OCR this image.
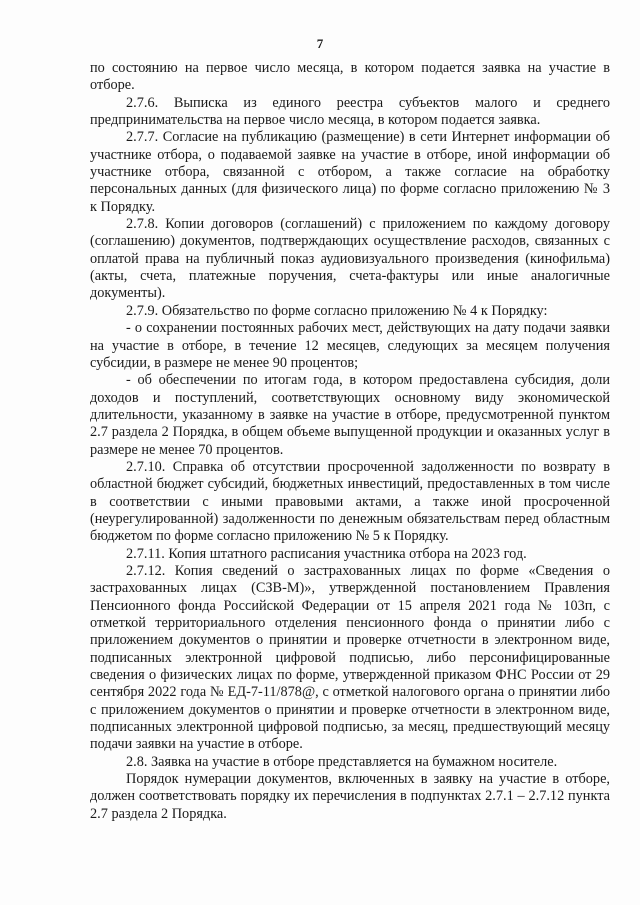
7

по состоянию на первое число месяца, в котором подается заявка на участие в отборе.

2.7.6. Выписка из единого реестра субъектов малого и среднего предпринимательства на первое число месяца, в котором подается заявка.

2.7.7. Согласие на публикацию (размещение) в сети Интернет информации об участнике отбора, о подаваемой заявке на участие в отборе, иной информации об участнике отбора, связанной с отбором, а также согласие на обработку персональных данных (для физического лица) по форме согласно приложению № 3 к Порядку.

2.7.8. Копии договоров (соглашений) с приложением по каждому договору (соглашению) документов, подтверждающих осуществление расходов, связанных с оплатой права на публичный показ аудиовизуального произведения (кинофильма) (акты, счета, платежные поручения, счета-фактуры или иные аналогичные документы).

2.7.9. Обязательство по форме согласно приложению № 4 к Порядку:

- о сохранении постоянных рабочих мест, действующих на дату подачи заявки на участие в отборе, в течение 12 месяцев, следующих за месяцем получения субсидии, в размере не менее 90 процентов;

- об обеспечении по итогам года, в котором предоставлена субсидия, доли доходов и поступлений, соответствующих основному виду экономической длительности, указанному в заявке на участие в отборе, предусмотренной пунктом 2.7 раздела 2 Порядка, в общем объеме выпущенной продукции и оказанных услуг в размере не менее 70 процентов.

2.7.10. Справка об отсутствии просроченной задолженности по возврату в областной бюджет субсидий, бюджетных инвестиций, предоставленных в том числе в соответствии с иными правовыми актами, а также иной просроченной (неурегулированной) задолженности по денежным обязательствам перед областным бюджетом по форме согласно приложению № 5 к Порядку.

2.7.11. Копия штатного расписания участника отбора на 2023 год.

2.7.12. Копия сведений о застрахованных лицах по форме «Сведения о застрахованных лицах (СЗВ-М)», утвержденной постановлением Правления Пенсионного фонда Российской Федерации от 15 апреля 2021 года № 103п, с отметкой территориального отделения пенсионного фонда о принятии либо с приложением документов о принятии и проверке отчетности в электронном виде, подписанных электронной цифровой подписью, либо персонифицированные сведения о физических лицах по форме, утвержденной приказом ФНС России от 29 сентября 2022 года № ЕД-7-11/878@, с отметкой налогового органа о принятии либо с приложением документов о принятии и проверке отчетности в электронном виде, подписанных электронной цифровой подписью, за месяц, предшествующий месяцу подачи заявки на участие в отборе.

2.8. Заявка на участие в отборе представляется на бумажном носителе.

Порядок нумерации документов, включенных в заявку на участие в отборе, должен соответствовать порядку их перечисления в подпунктах 2.7.1 – 2.7.12 пункта 2.7 раздела 2 Порядка.
